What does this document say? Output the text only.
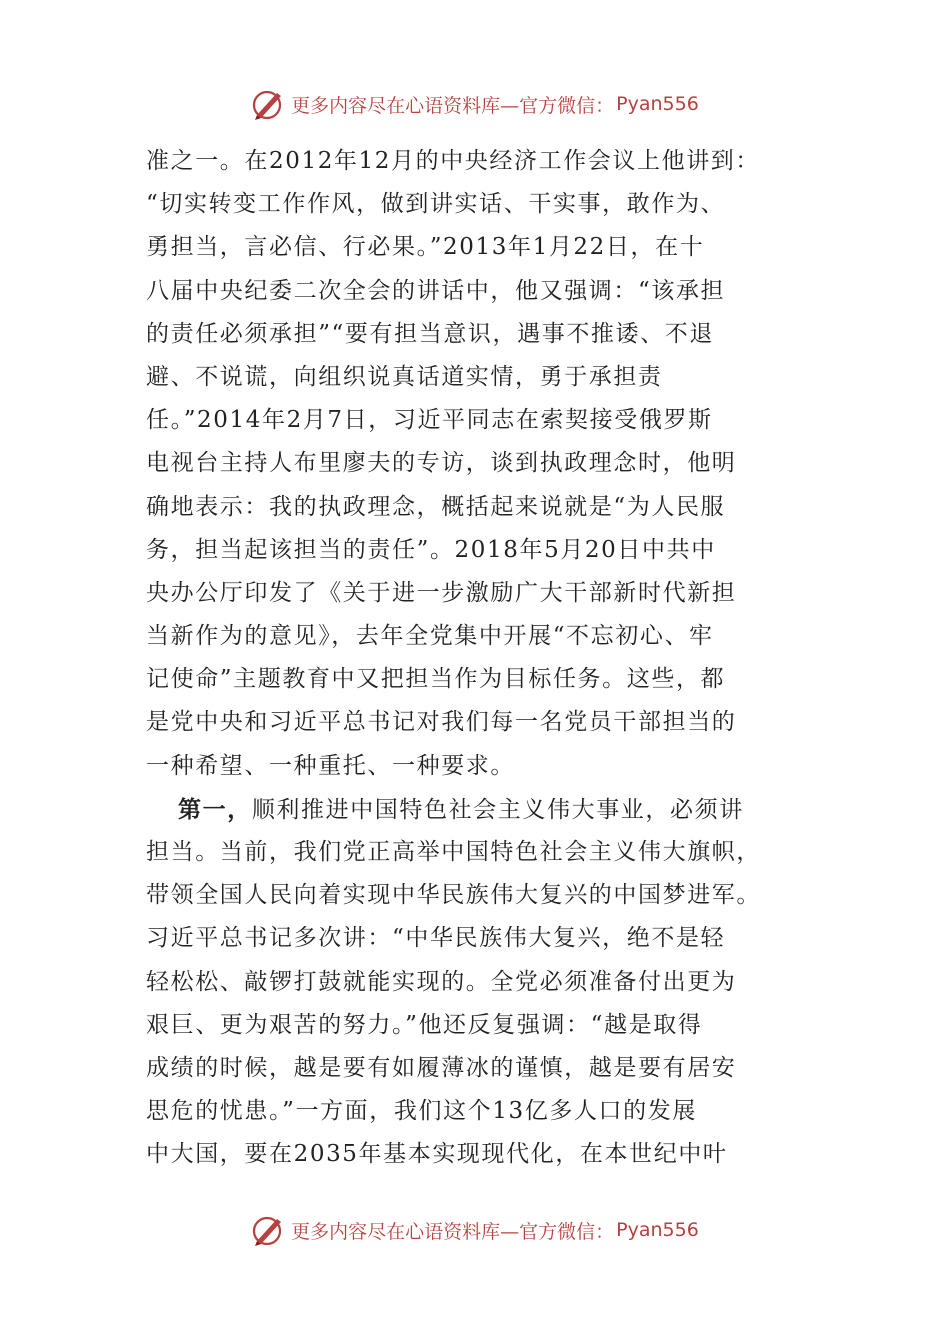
更多内容尽在心语资料库—官方微信： Pyan556
准之一。在2012年12月的中央经济工作会议上他讲到：
“切实转变工作作风，做到讲实话、干实事，敢作为、
勇担当，言必信、行必果。”2013年1月22日，在十
八届中央纪委二次全会的讲话中，他又强调：“该承担
的责任必须承担”“要有担当意识，遇事不推诿、不退
避、不说谎，向组织说真话道实情，勇于承担责
任。”2014年2月7日，习近平同志在索契接受俄罗斯
电视台主持人布里廖夫的专访，谈到执政理念时，他明
确地表示：我的执政理念，概括起来说就是“为人民服
务，担当起该担当的责任”。2018年5月20日中共中
央办公厅印发了《关于进一步激励广大干部新时代新担
当新作为的意见》，去年全党集中开展“不忘初心、牢
记使命”主题教育中又把担当作为目标任务。这些，都
是党中央和习近平总书记对我们每一名党员干部担当的
一种希望、一种重托、一种要求。
第一，顺利推进中国特色社会主义伟大事业，必须讲
担当。当前，我们党正高举中国特色社会主义伟大旗帜，
带领全国人民向着实现中华民族伟大复兴的中国梦进军。
习近平总书记多次讲：“中华民族伟大复兴，绝不是轻
轻松松、敲锣打鼓就能实现的。全党必须准备付出更为
艰巨、更为艰苦的努力。”他还反复强调：“越是取得
成绩的时候，越是要有如履薄冰的谨慎，越是要有居安
思危的忧患。”一方面，我们这个13亿多人口的发展
中大国，要在2035年基本实现现代化，在本世纪中叶
更多内容尽在心语资料库—官方微信： Pyan556
